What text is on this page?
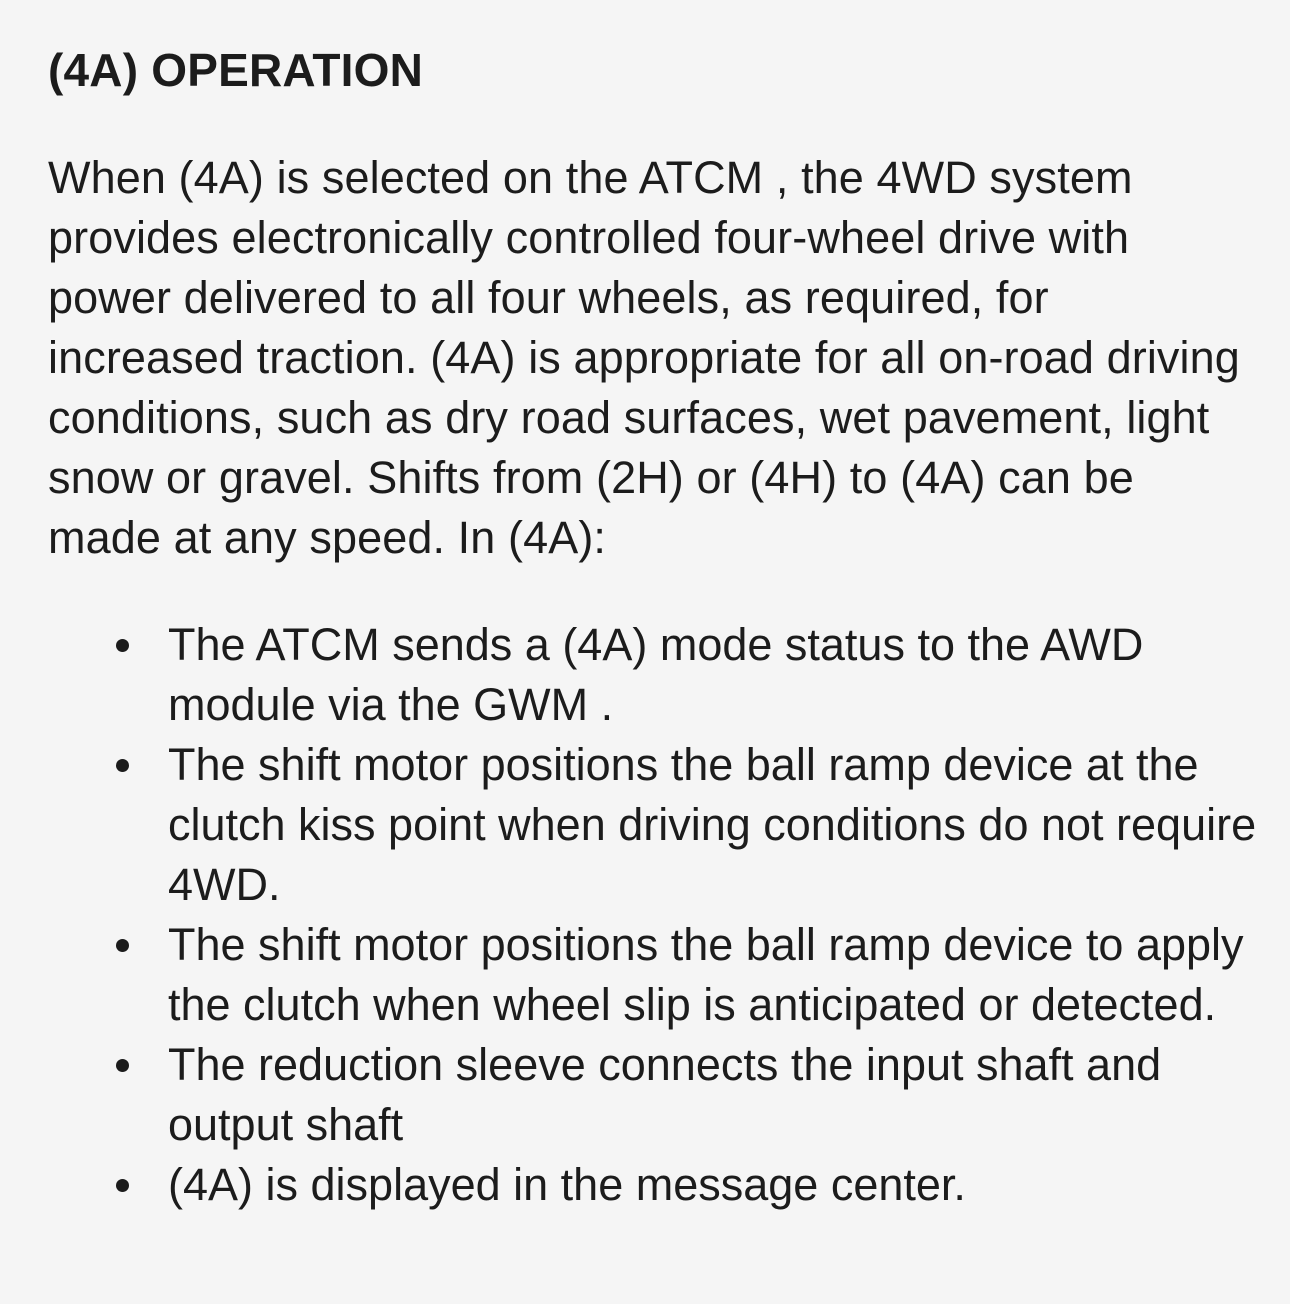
(4A) OPERATION

When (4A) is selected on the ATCM , the 4WD system provides electronically controlled four-wheel drive with power delivered to all four wheels, as required, for increased traction. (4A) is appropriate for all on-road driving conditions, such as dry road surfaces, wet pavement, light snow or gravel. Shifts from (2H) or (4H) to (4A) can be made at any speed. In (4A):

The ATCM sends a (4A) mode status to the AWD module via the GWM .
The shift motor positions the ball ramp device at the clutch kiss point when driving conditions do not require 4WD.
The shift motor positions the ball ramp device to apply the clutch when wheel slip is anticipated or detected.
The reduction sleeve connects the input shaft and output shaft
(4A) is displayed in the message center.
